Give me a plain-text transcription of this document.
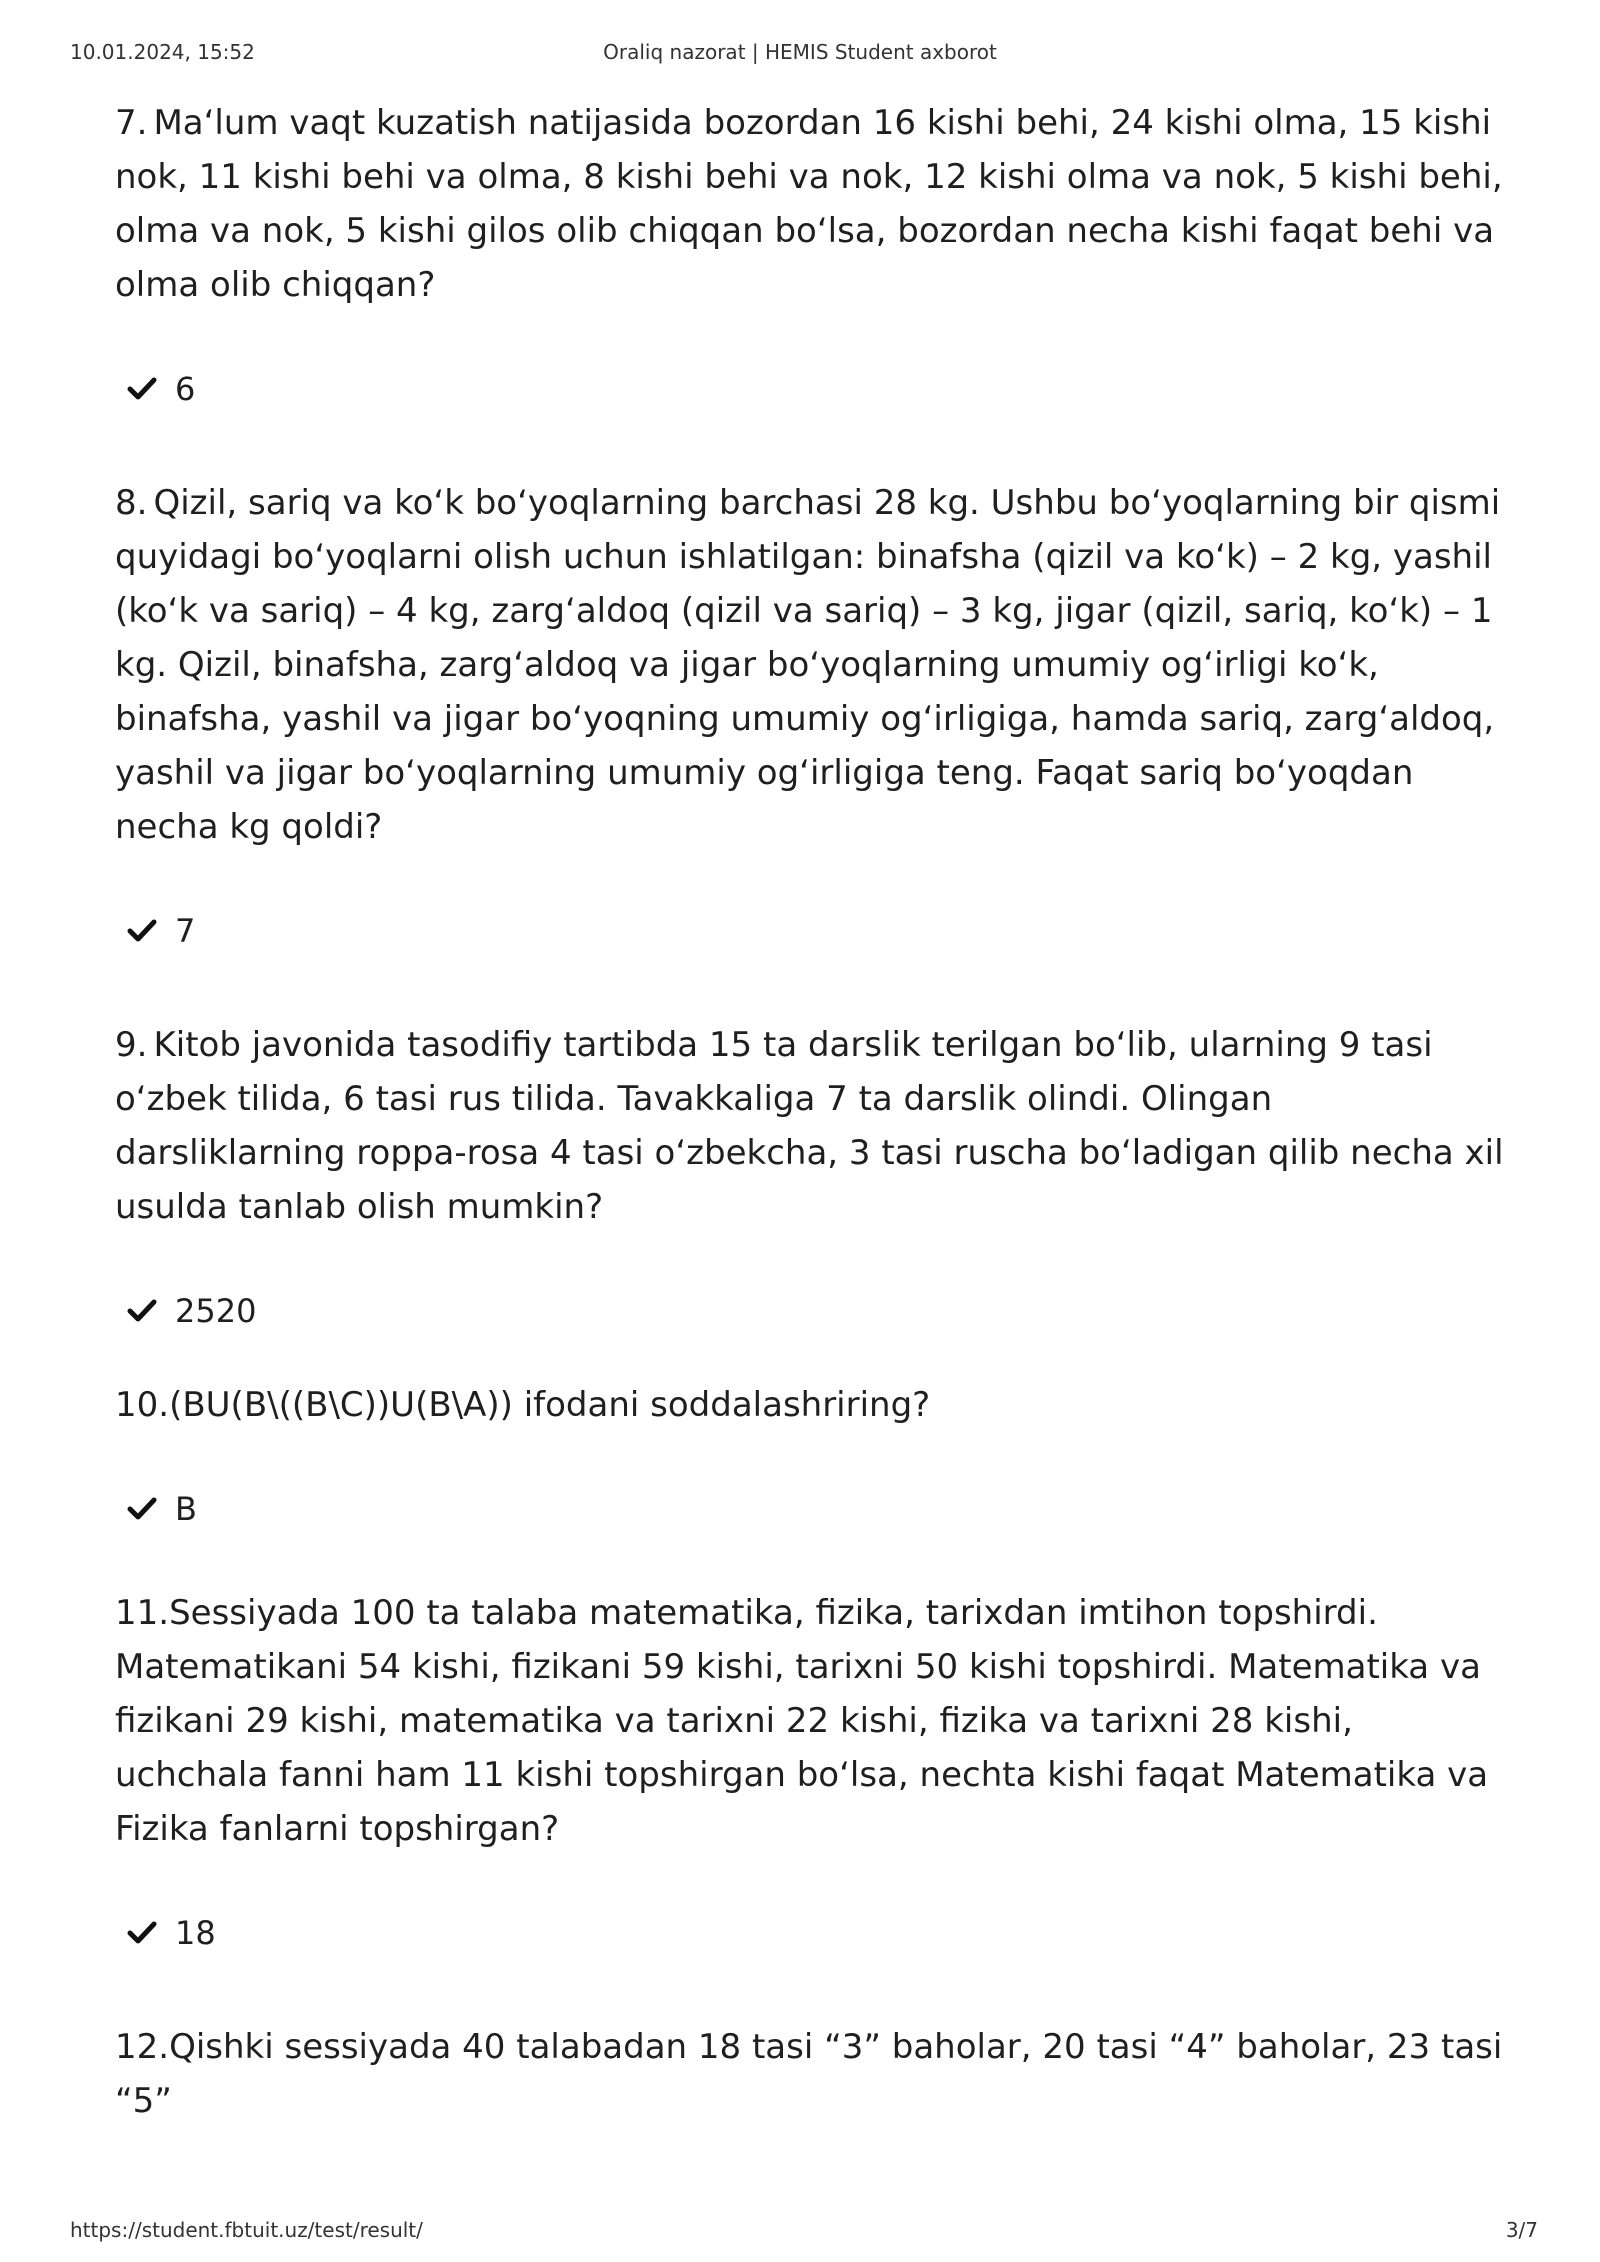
Oraliq nazorat | HEMIS Student axborot
10.01.2024, 15:52

7. Ma‘lum vaqt kuzatish natijasida bozordan 16 kishi behi, 24 kishi olma, 15 kishi nok, 11 kishi behi va olma, 8 kishi behi va nok, 12 kishi olma va nok, 5 kishi behi, olma va nok, 5 kishi gilos olib chiqqan bo‘lsa, bozordan necha kishi faqat behi va olma olib chiqqan?

6

8. Qizil, sariq va ko‘k bo‘yoqlarning barchasi 28 kg. Ushbu bo‘yoqlarning bir qismi quyidagi bo‘yoqlarni olish uchun ishlatilgan: binafsha (qizil va ko‘k) – 2 kg, yashil (ko‘k va sariq) – 4 kg, zarg‘aldoq (qizil va sariq) – 3 kg, jigar (qizil, sariq, ko‘k) – 1 kg. Qizil, binafsha, zarg‘aldoq va jigar bo‘yoqlarning umumiy og‘irligi ko‘k, binafsha, yashil va jigar bo‘yoqning umumiy og‘irligiga, hamda sariq, zarg‘aldoq, yashil va jigar bo‘yoqlarning umumiy og‘irligiga teng. Faqat sariq bo‘yoqdan necha kg qoldi?

7

9. Kitob javonida tasodifiy tartibda 15 ta darslik terilgan bo‘lib, ularning 9 tasi o‘zbek tilida, 6 tasi rus tilida. Tavakkaliga 7 ta darslik olindi. Olingan darsliklarning roppa-rosa 4 tasi o‘zbekcha, 3 tasi ruscha bo‘ladigan qilib necha xil usulda tanlab olish mumkin?

2520

10.(BU(B\((B\C))U(B\A)) ifodani soddalashriring?

B

11.Sessiyada 100 ta talaba matematika, fizika, tarixdan imtihon topshirdi. Matematikani 54 kishi, fizikani 59 kishi, tarixni 50 kishi topshirdi. Matematika va fizikani 29 kishi, matematika va tarixni 22 kishi, fizika va tarixni 28 kishi, uchchala fanni ham 11 kishi topshirgan bo‘lsa, nechta kishi faqat Matematika va Fizika fanlarni topshirgan?

18

12.Qishki sessiyada 40 talabadan 18 tasi “3” baholar, 20 tasi “4” baholar, 23 tasi “5”

https://student.fbtuit.uz/test/result/	3/7
